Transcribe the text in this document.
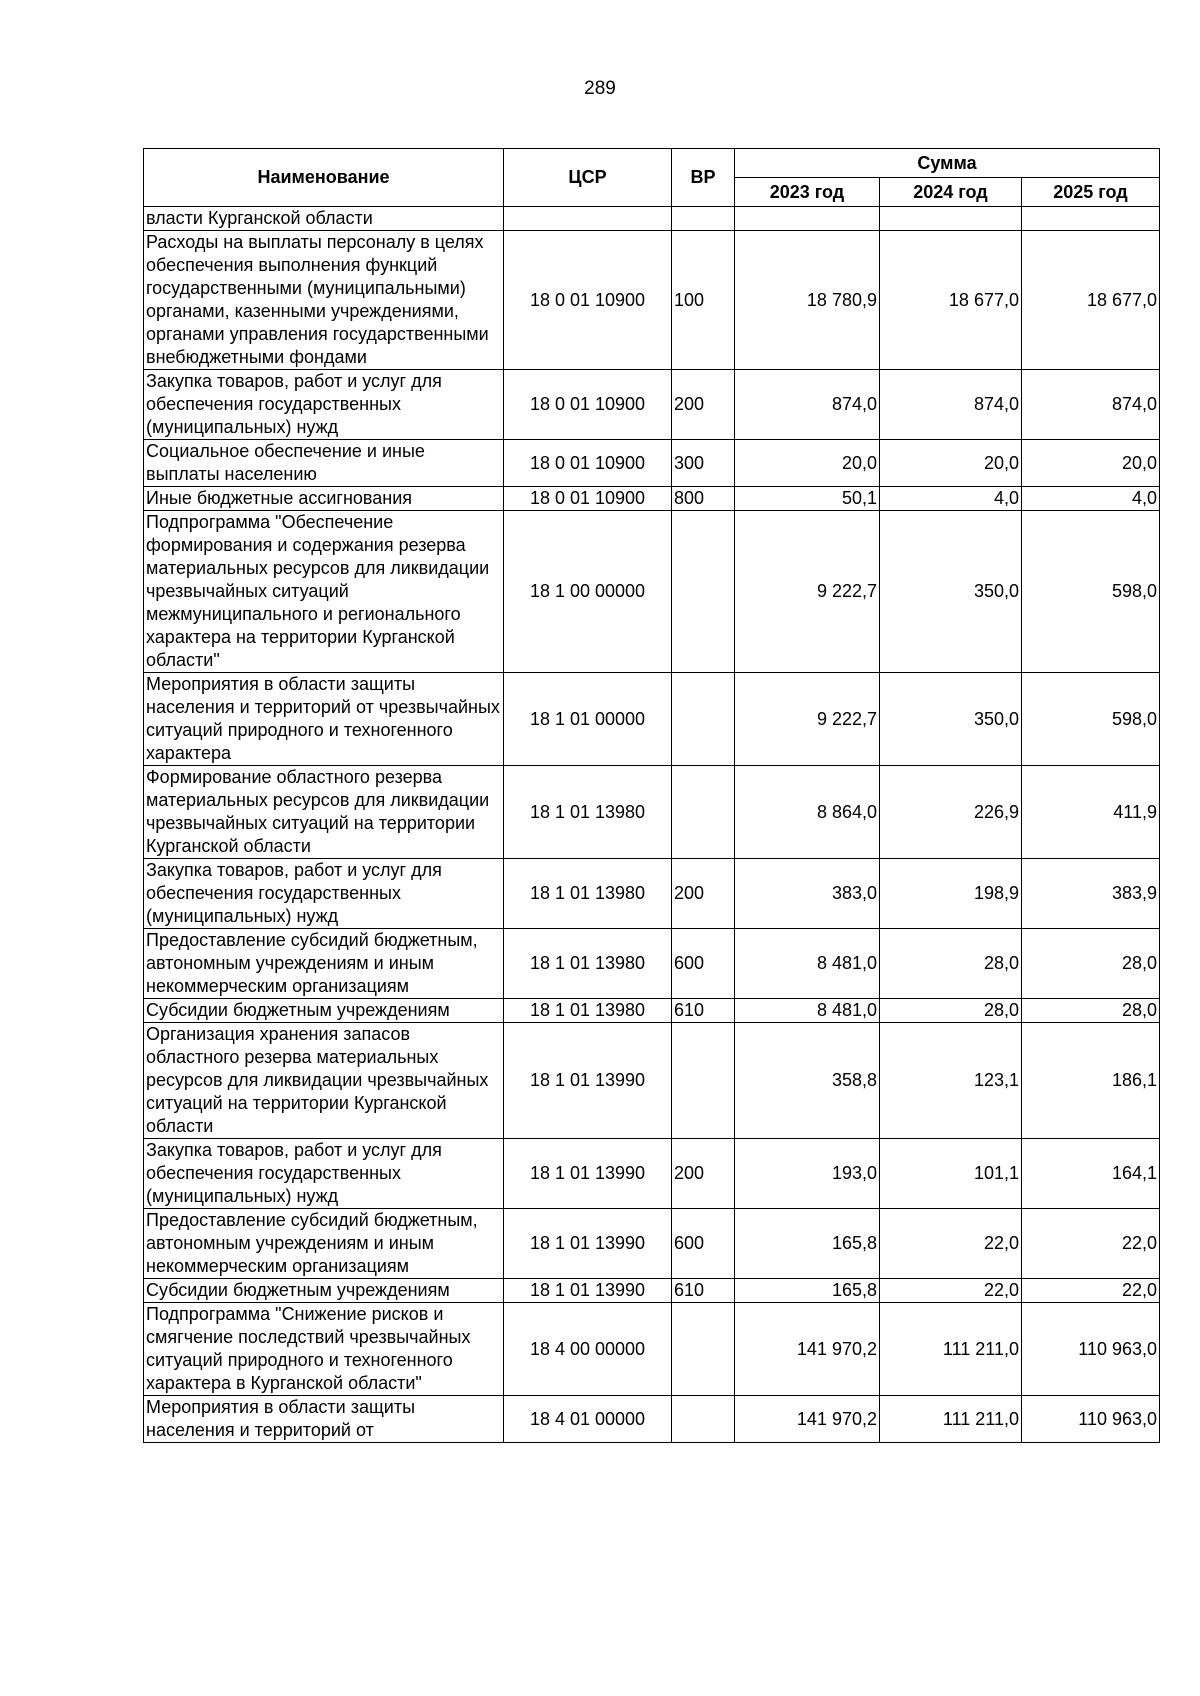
289
Наименование	ЦСР	ВР	Сумма		
			2023 год	2024 год	2025 год
власти Курганской области					
Расходы на выплаты персоналу в целях обеспечения выполнения функций государственными (муниципальными) органами, казенными учреждениями, органами управления государственными внебюджетными фондами	18 0 01 10900	100	18 780,9	18 677,0	18 677,0
Закупка товаров, работ и услуг для обеспечения государственных (муниципальных) нужд	18 0 01 10900	200	874,0	874,0	874,0
Социальное обеспечение и иные выплаты населению	18 0 01 10900	300	20,0	20,0	20,0
Иные бюджетные ассигнования	18 0 01 10900	800	50,1	4,0	4,0
Подпрограмма "Обеспечение формирования и содержания резерва материальных ресурсов для ликвидации чрезвычайных ситуаций межмуниципального и регионального характера на территории Курганской области"	18 1 00 00000		9 222,7	350,0	598,0
Мероприятия в области защиты населения и территорий от чрезвычайных ситуаций природного и техногенного характера	18 1 01 00000		9 222,7	350,0	598,0
Формирование областного резерва материальных ресурсов для ликвидации чрезвычайных ситуаций на территории Курганской области	18 1 01 13980		8 864,0	226,9	411,9
Закупка товаров, работ и услуг для обеспечения государственных (муниципальных) нужд	18 1 01 13980	200	383,0	198,9	383,9
Предоставление субсидий бюджетным, автономным учреждениям и иным некоммерческим организациям	18 1 01 13980	600	8 481,0	28,0	28,0
Субсидии бюджетным учреждениям	18 1 01 13980	610	8 481,0	28,0	28,0
Организация хранения запасов областного резерва материальных ресурсов для ликвидации чрезвычайных ситуаций на территории Курганской области	18 1 01 13990		358,8	123,1	186,1
Закупка товаров, работ и услуг для обеспечения государственных (муниципальных) нужд	18 1 01 13990	200	193,0	101,1	164,1
Предоставление субсидий бюджетным, автономным учреждениям и иным некоммерческим организациям	18 1 01 13990	600	165,8	22,0	22,0
Субсидии бюджетным учреждениям	18 1 01 13990	610	165,8	22,0	22,0
Подпрограмма "Снижение рисков и смягчение последствий чрезвычайных ситуаций природного и техногенного характера в Курганской области"	18 4 00 00000		141 970,2	111 211,0	110 963,0
Мероприятия в области защиты населения и территорий от	18 4 01 00000		141 970,2	111 211,0	110 963,0
